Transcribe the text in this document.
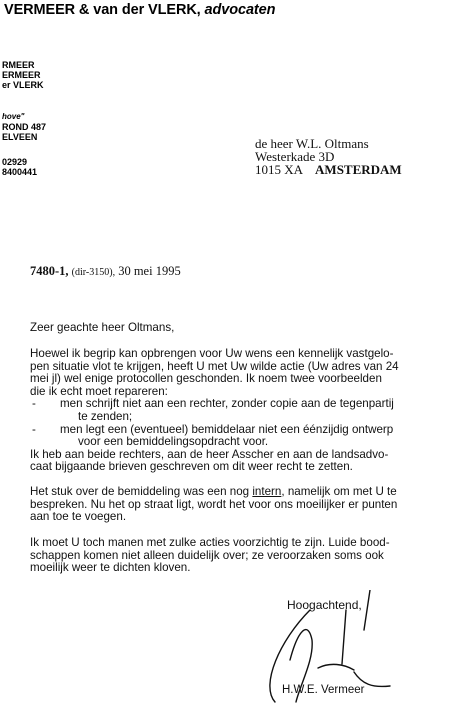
VERMEER & van der VLERK, advocaten
RMEER
ERMEER
er VLERK
hove"
ROND 487
ELVEEN
02929
8400441
de heer W.L. Oltmans
Westerkade 3D
1015 XA AMSTERDAM
7480-1, (dir-3150), 30 mei 1995
Zeer geachte heer Oltmans,
Hoewel ik begrip kan opbrengen voor Uw wens een kennelijk vastgelo-
pen situatie vlot te krijgen, heeft U met Uw wilde actie (Uw adres van 24
mei jl) wel enige protocollen geschonden. Ik noem twee voorbeelden
die ik echt moet repareren:
- men schrijft niet aan een rechter, zonder copie aan de tegenpartij
te zenden;
- men legt een (eventueel) bemiddelaar niet een éénzijdig ontwerp
voor een bemiddelingsopdracht voor.
Ik heb aan beide rechters, aan de heer Asscher en aan de landsadvo-
caat bijgaande brieven geschreven om dit weer recht te zetten.
Het stuk over de bemiddeling was een nog intern, namelijk om met U te
bespreken. Nu het op straat ligt, wordt het voor ons moeilijker er punten
aan toe te voegen.
Ik moet U toch manen met zulke acties voorzichtig te zijn. Luide bood-
schappen komen niet alleen duidelijk over; ze veroorzaken soms ook
moeilijk weer te dichten kloven.
Hoogachtend,
H.W.E. Vermeer
